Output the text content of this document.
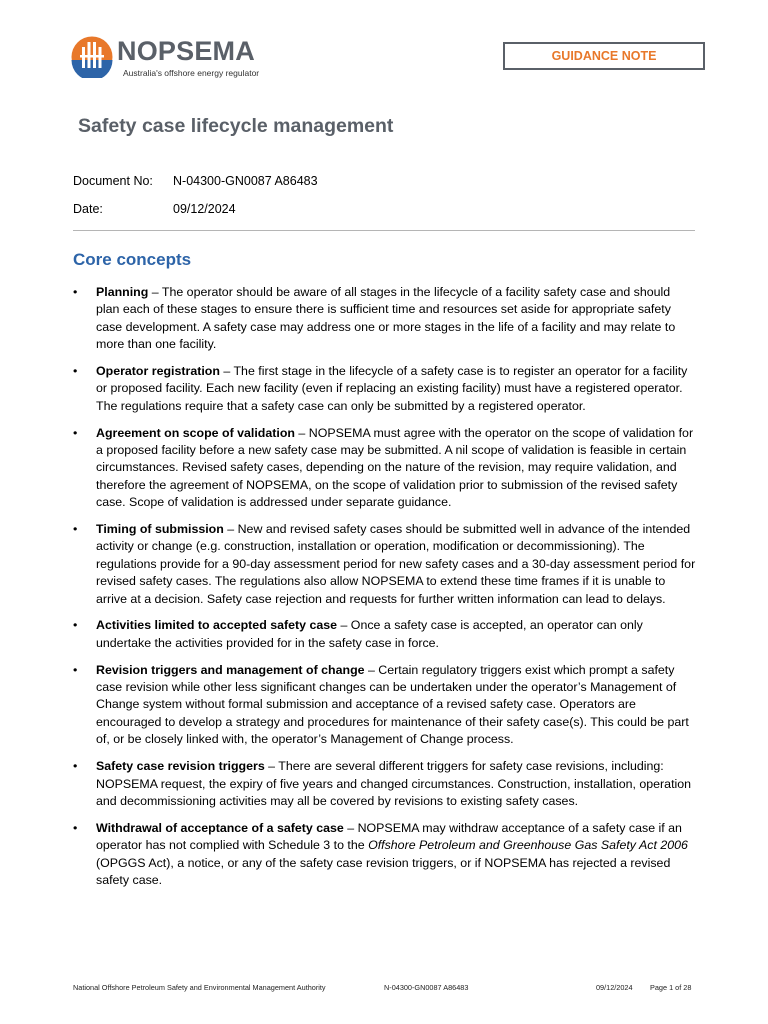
NOPSEMA
Australia's offshore energy regulator
GUIDANCE NOTE
Safety case lifecycle management
Document No: N-04300-GN0087 A86483
Date:	09/12/2024
Core concepts
• Planning – The operator should be aware of all stages in the lifecycle of a facility safety case and should plan each of these stages to ensure there is sufficient time and resources set aside for appropriate safety case development. A safety case may address one or more stages in the life of a facility and may relate to more than one facility.
• Operator registration – The first stage in the lifecycle of a safety case is to register an operator for a facility or proposed facility. Each new facility (even if replacing an existing facility) must have a registered operator. The regulations require that a safety case can only be submitted by a registered operator.
• Agreement on scope of validation – NOPSEMA must agree with the operator on the scope of validation for a proposed facility before a new safety case may be submitted. A nil scope of validation is feasible in certain circumstances. Revised safety cases, depending on the nature of the revision, may require validation, and therefore the agreement of NOPSEMA, on the scope of validation prior to submission of the revised safety case. Scope of validation is addressed under separate guidance.
• Timing of submission – New and revised safety cases should be submitted well in advance of the intended activity or change (e.g. construction, installation or operation, modification or decommissioning). The regulations provide for a 90-day assessment period for new safety cases and a 30-day assessment period for revised safety cases. The regulations also allow NOPSEMA to extend these time frames if it is unable to arrive at a decision. Safety case rejection and requests for further written information can lead to delays.
• Activities limited to accepted safety case – Once a safety case is accepted, an operator can only undertake the activities provided for in the safety case in force.
• Revision triggers and management of change – Certain regulatory triggers exist which prompt a safety case revision while other less significant changes can be undertaken under the operator’s Management of Change system without formal submission and acceptance of a revised safety case. Operators are encouraged to develop a strategy and procedures for maintenance of their safety case(s). This could be part of, or be closely linked with, the operator’s Management of Change process.
• Safety case revision triggers – There are several different triggers for safety case revisions, including: NOPSEMA request, the expiry of five years and changed circumstances. Construction, installation, operation and decommissioning activities may all be covered by revisions to existing safety cases.
• Withdrawal of acceptance of a safety case – NOPSEMA may withdraw acceptance of a safety case if an operator has not complied with Schedule 3 to the Offshore Petroleum and Greenhouse Gas Safety Act 2006 (OPGGS Act), a notice, or any of the safety case revision triggers, or if NOPSEMA has rejected a revised safety case.
National Offshore Petroleum Safety and Environmental Management Authority	N-04300-GN0087 A86483	09/12/2024 Page 1 of 28
